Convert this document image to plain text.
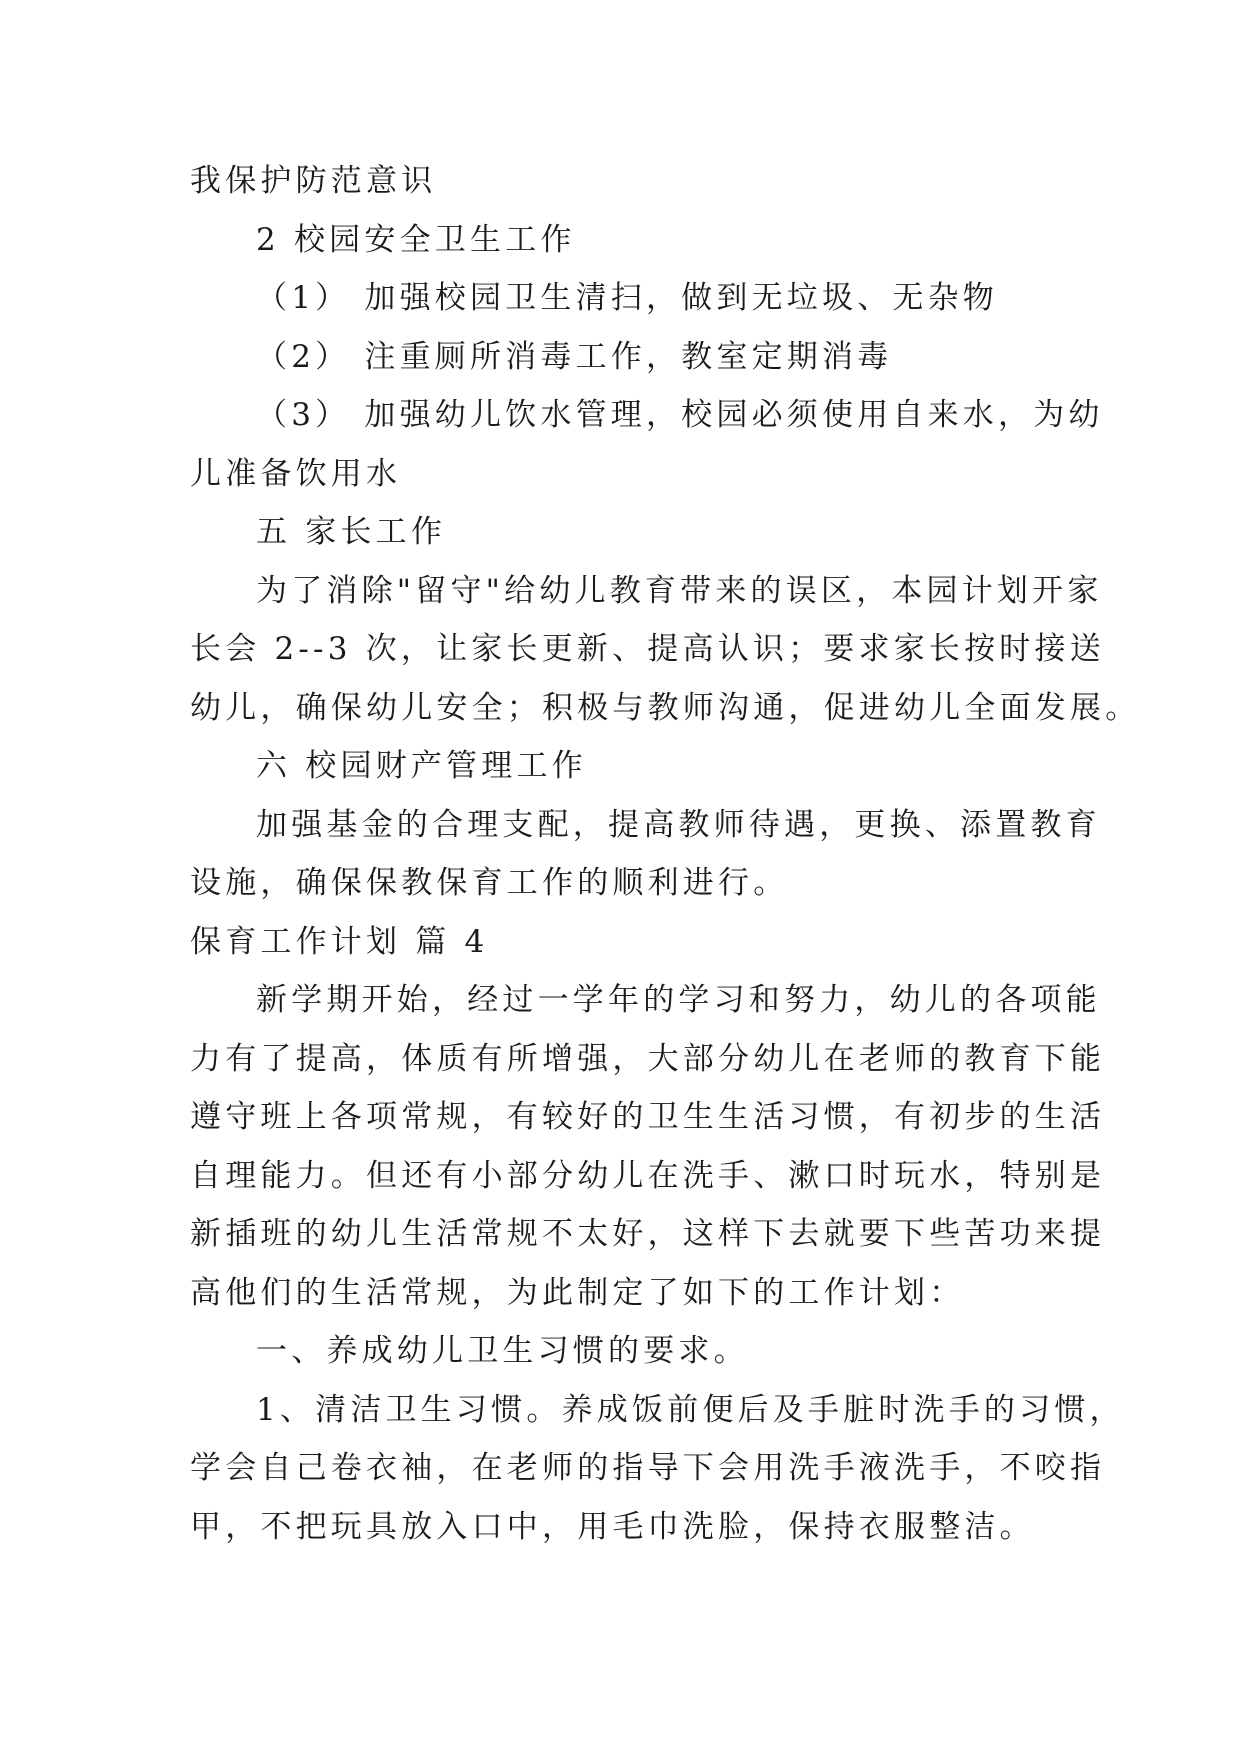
我保护防范意识
2 校园安全卫生工作
（1） 加强校园卫生清扫，做到无垃圾、无杂物
（2） 注重厕所消毒工作，教室定期消毒
（3） 加强幼儿饮水管理，校园必须使用自来水，为幼
儿准备饮用水
五 家长工作
为了消除"留守"给幼儿教育带来的误区，本园计划开家
长会 2--3 次，让家长更新、提高认识；要求家长按时接送
幼儿，确保幼儿安全；积极与教师沟通，促进幼儿全面发展。
六 校园财产管理工作
加强基金的合理支配，提高教师待遇，更换、添置教育
设施，确保保教保育工作的顺利进行。
保育工作计划 篇 4
新学期开始，经过一学年的学习和努力，幼儿的各项能
力有了提高，体质有所增强，大部分幼儿在老师的教育下能
遵守班上各项常规，有较好的卫生生活习惯，有初步的生活
自理能力。但还有小部分幼儿在洗手、漱口时玩水，特别是
新插班的幼儿生活常规不太好，这样下去就要下些苦功来提
高他们的生活常规，为此制定了如下的工作计划：
一、养成幼儿卫生习惯的要求。
1、清洁卫生习惯。养成饭前便后及手脏时洗手的习惯，
学会自己卷衣袖，在老师的指导下会用洗手液洗手，不咬指
甲，不把玩具放入口中，用毛巾洗脸，保持衣服整洁。
